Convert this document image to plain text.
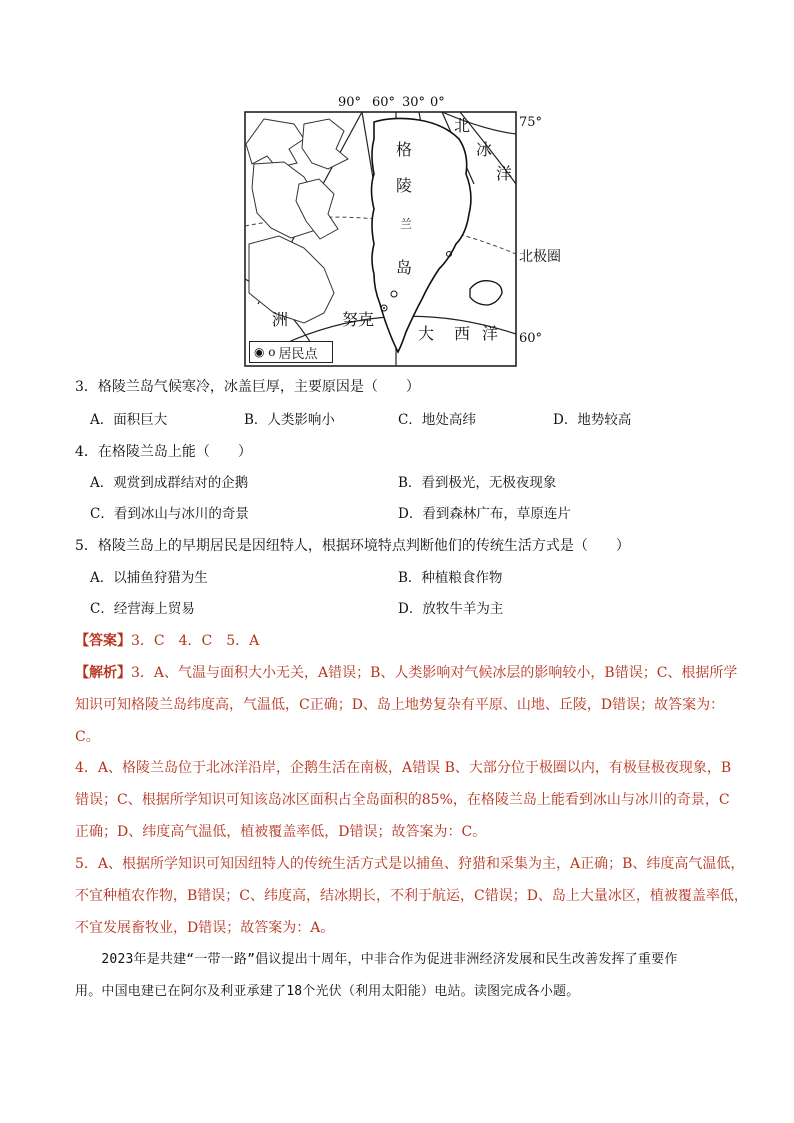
90° 60° 30° 0°
75°
60°
北极圈
格
陵
兰
岛
北
冰
洋
大 西 洋
洲	努克
◉ o 居民点
3．格陵兰岛气候寒冷，冰盖巨厚，主要原因是（　　）
A．面积巨大	B．人类影响小	C．地处高纬	D．地势较高
4．在格陵兰岛上能（　　）
A．观赏到成群结对的企鹅	B．看到极光，无极夜现象
C．看到冰山与冰川的奇景	D．看到森林广布，草原连片
5．格陵兰岛上的早期居民是因纽特人，根据环境特点判断他们的传统生活方式是（　　）
A．以捕鱼狩猎为生	B．种植粮食作物
C．经营海上贸易	D．放牧牛羊为主
【答案】3．C　4．C　5．A
【解析】3．A、气温与面积大小无关，A错误；B、人类影响对气候冰层的影响较小，B错误；C、根据所学
知识可知格陵兰岛纬度高，气温低，C正确；D、岛上地势复杂有平原、山地、丘陵，D错误；故答案为：
C。
4．A、格陵兰岛位于北冰洋沿岸，企鹅生活在南极，A错误 B、大部分位于极圈以内，有极昼极夜现象，B
错误；C、根据所学知识可知该岛冰区面积占全岛面积的85%，在格陵兰岛上能看到冰山与冰川的奇景，C
正确；D、纬度高气温低，植被覆盖率低，D错误；故答案为：C。
5．A、根据所学知识可知因纽特人的传统生活方式是以捕鱼、狩猎和采集为主，A正确；B、纬度高气温低，
不宜种植农作物，B错误；C、纬度高，结冰期长，不利于航运，C错误；D、岛上大量冰区，植被覆盖率低，
不宜发展畜牧业，D错误；故答案为：A。
　　2023年是共建“一带一路”倡议提出十周年，中非合作为促进非洲经济发展和民生改善发挥了重要作
用。中国电建已在阿尔及利亚承建了18个光伏（利用太阳能）电站。读图完成各小题。
